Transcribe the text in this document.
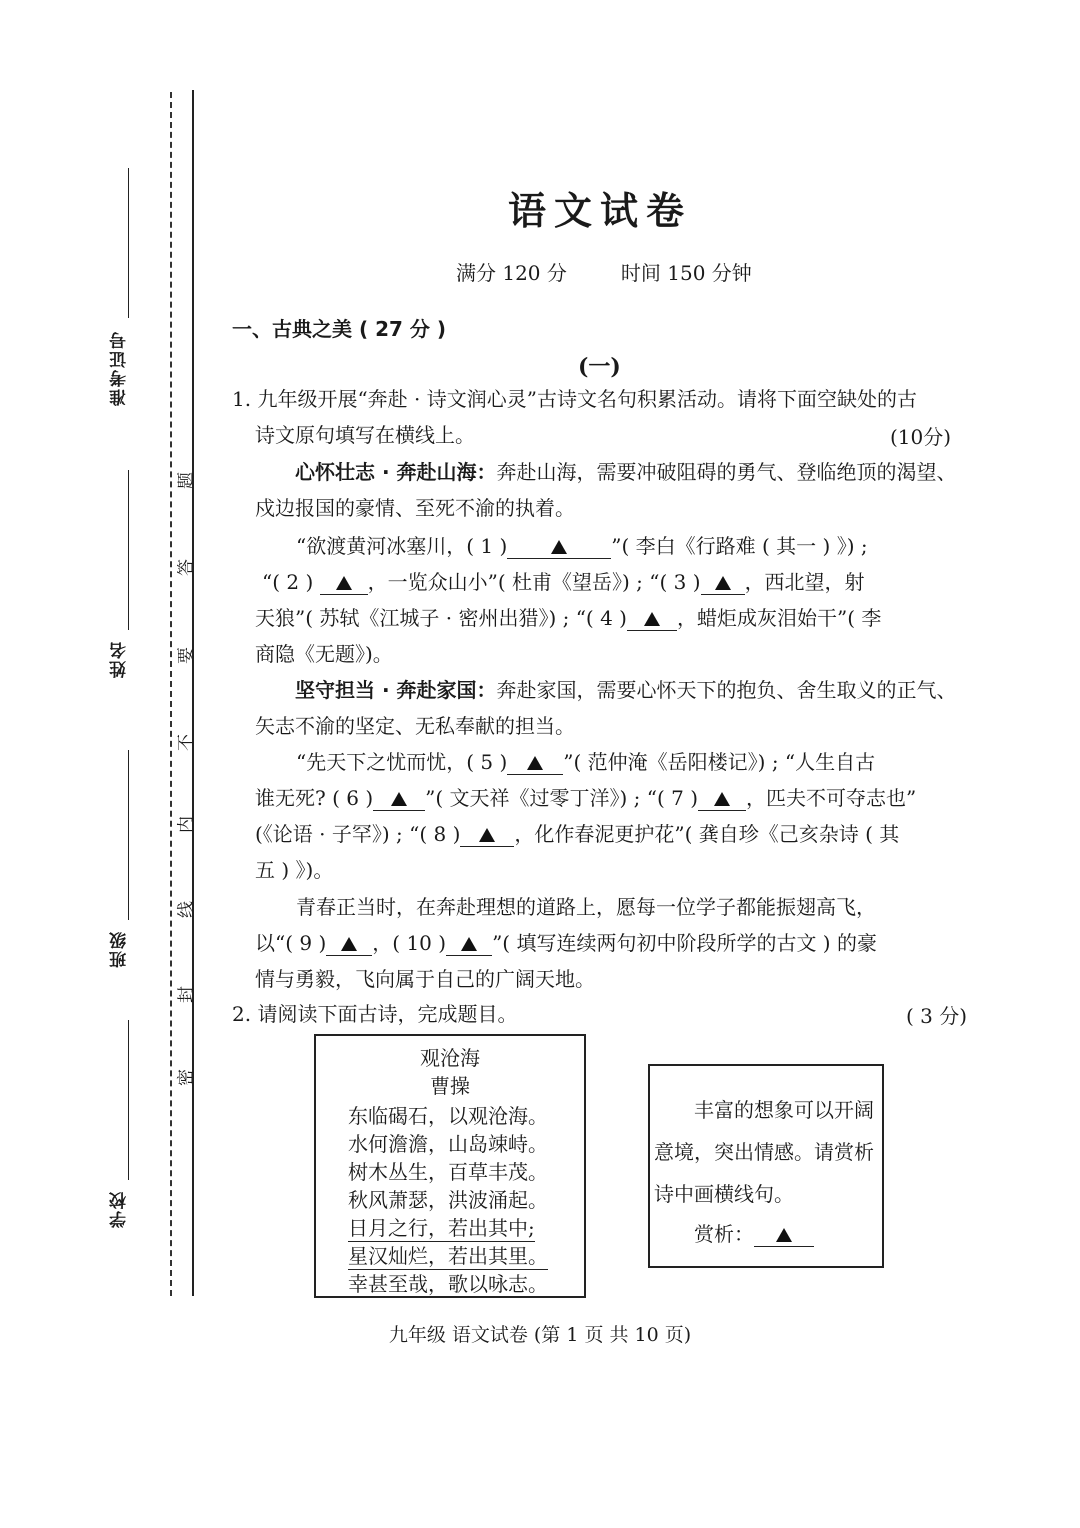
准考证号
姓名
班级
学校
题
答
要
不
内
线
封
密
语文试卷
满分 120 分	时间 150 分钟
一、古典之美 ( 27 分 )
(一)
1. 九年级开展“奔赴 · 诗文润心灵”古诗文名句积累活动。请将下面空缺处的古
诗文原句填写在横线上。	(10分)
心怀壮志 · 奔赴山海：奔赴山海，需要冲破阻碍的勇气、登临绝顶的渴望、
戍边报国的豪情、至死不渝的执着。
“欲渡黄河冰塞川，( 1 )	”( 李白《行路难 ( 其一 ) 》) ;
“( 2 )	，一览众山小”( 杜甫《望岳》) ; “( 3 ) ，西北望，射
天狼”( 苏轼《江城子 · 密州出猎》) ; “( 4 )	，蜡炬成灰泪始干”( 李
商隐《无题》)。
坚守担当 · 奔赴家国：奔赴家国，需要心怀天下的抱负、舍生取义的正气、
矢志不渝的坚定、无私奉献的担当。
“先天下之忧而忧，( 5 )	”( 范仲淹《岳阳楼记》) ; “人生自古
谁无死? ( 6 )	”( 文天祥《过零丁洋》) ; “( 7 ) ，匹夫不可夺志也”
(《论语 · 子罕》) ; “( 8 )	，化作春泥更护花”( 龚自珍《己亥杂诗 ( 其
五 ) 》)。
青春正当时，在奔赴理想的道路上，愿每一位学子都能振翅高飞，
以“( 9 ) ，( 10 ) ”( 填写连续两句初中阶段所学的古文 ) 的豪
情与勇毅，飞向属于自己的广阔天地。
2. 请阅读下面古诗，完成题目。	( 3 分)
观沧海
曹操
东临碣石，以观沧海。
水何澹澹，山岛竦峙。
树木丛生，百草丰茂。
秋风萧瑟，洪波涌起。
日月之行，若出其中;
星汉灿烂，若出其里。
幸甚至哉，歌以咏志。
丰富的想象可以开阔
意境，突出情感。请赏析
诗中画横线句。
赏析：
九年级 语文试卷 (第 1 页 共 10 页)
